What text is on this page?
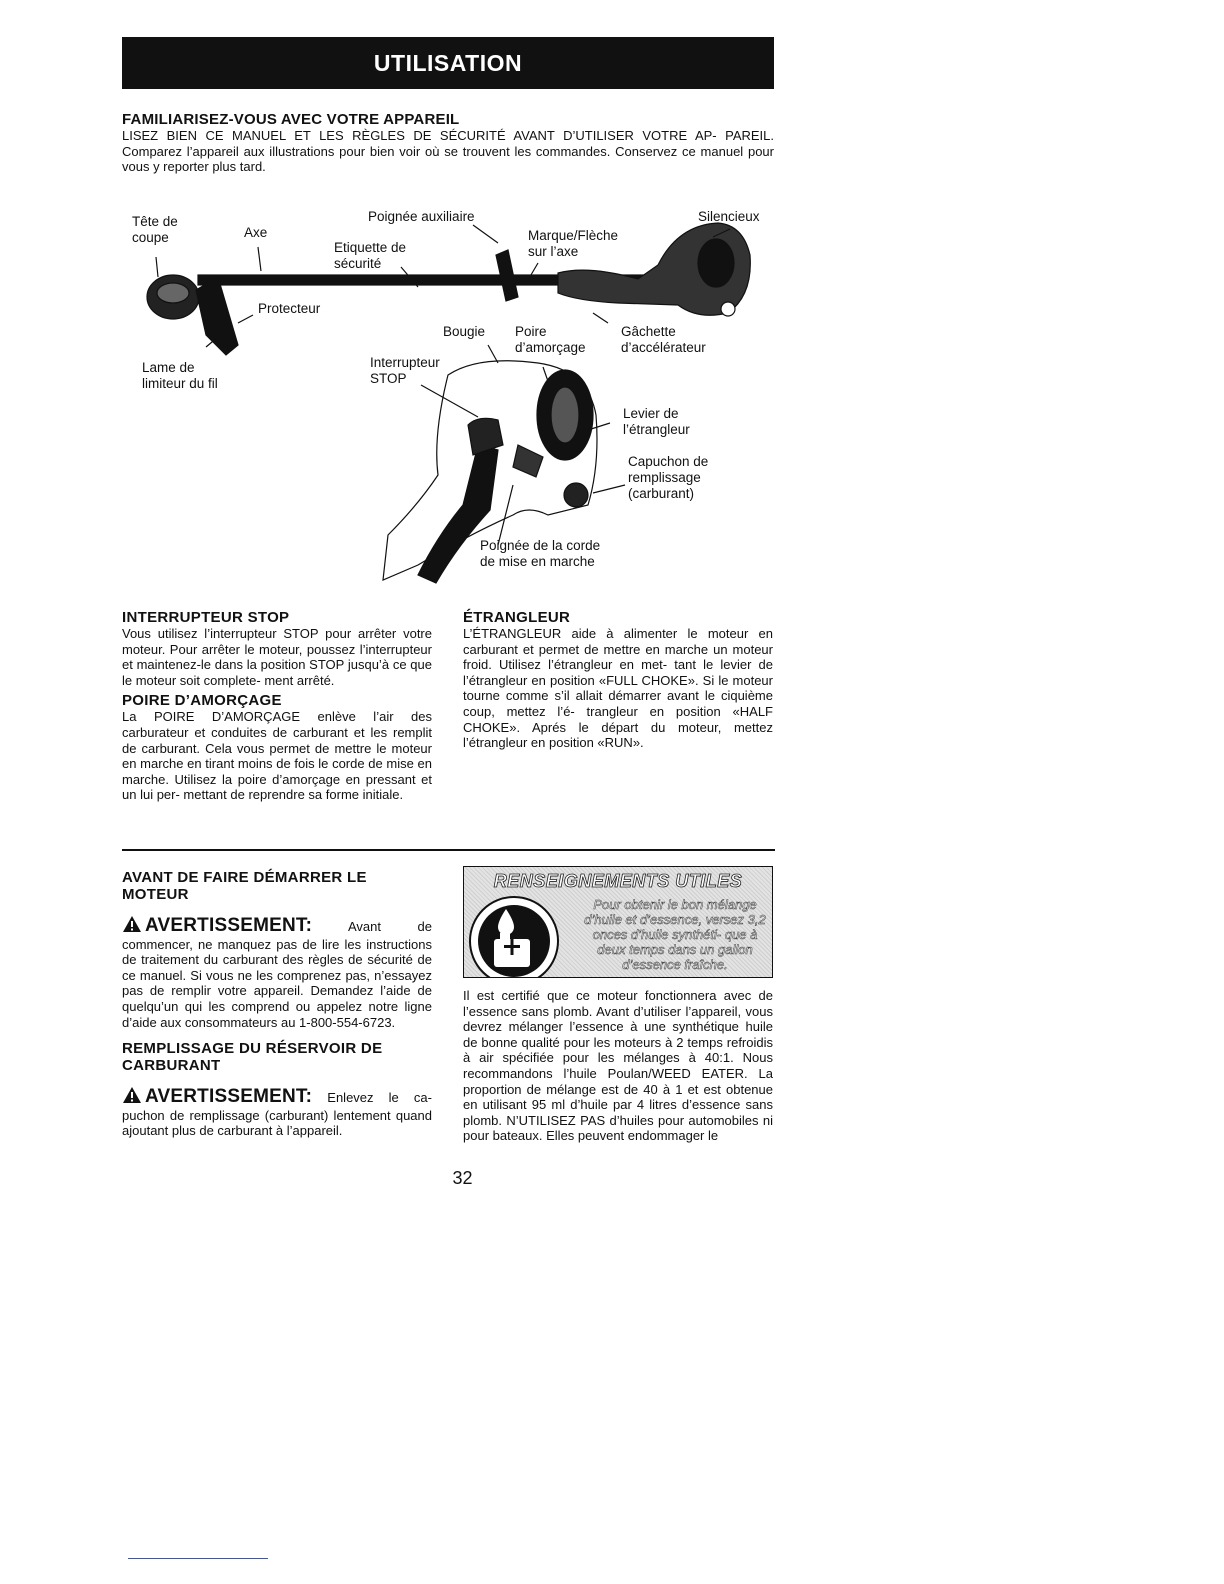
UTILISATION
FAMILIARISEZ-VOUS AVEC VOTRE APPAREIL

LISEZ BIEN CE MANUEL ET LES RÈGLES DE SÉCURITÉ AVANT D’UTILISER VOTRE AP- PAREIL. Comparez l’appareil aux illustrations pour bien voir où se trouvent les commandes. Conservez ce manuel pour vous y reporter plus tard.

Tête de
coupe	Axe
Poignée auxiliaire
Etiquette de
sécurité
Marque/Flèche
sur l’axe
Silencieux
Protecteur
Lame de
limiteur du fil
Bougie Poire
d’amorçage
Gâchette
d’accélérateur
Interrupteur
STOP
Levier de
l’étrangleur
Capuchon de
remplissage
(carburant)
Poignée de la corde
de mise en marche
INTERRUPTEUR STOP

Vous utilisez l’interrupteur STOP pour arrêter votre moteur. Pour arrêter le moteur, poussez l’interrupteur et maintenez-le dans la position STOP jusqu’à ce que le moteur soit complete- ment arrêté.

POIRE D’AMORÇAGE

La POIRE D’AMORÇAGE enlève l’air des carburateur et conduites de carburant et les remplit de carburant. Cela vous permet de mettre le moteur en marche en tirant moins de fois le corde de mise en marche. Utilisez la poire d’amorçage en pressant et un lui per- mettant de reprendre sa forme initiale.

ÉTRANGLEUR

L’ÉTRANGLEUR aide à alimenter le moteur en carburant et permet de mettre en marche un moteur froid. Utilisez l’étrangleur en met- tant le levier de l’étrangleur en position «FULL CHOKE». Si le moteur tourne comme s’il allait démarrer avant le ciquième coup, mettez l’é- trangleur en position «HALF CHOKE». Aprés le départ du moteur, mettez l’étrangleur en position «RUN».

AVANT DE FAIRE DÉMARRER LE MOTEUR
AVERTISSEMENT:	Avant de commencer, ne manquez pas de lire les instructions de traitement du carburant des règles de sécurité de ce manuel. Si vous ne les comprenez pas, n’essayez pas de remplir votre appareil. Demandez l’aide de quelqu’un qui les comprend ou appelez notre ligne d’aide aux consommateurs au 1-800-554-6723.
REMPLISSAGE DU RÉSERVOIR DE CARBURANT
AVERTISSEMENT: Enlevez le ca- puchon de remplissage (carburant) lentement quand ajoutant plus de carburant à l’appareil.
RENSEIGNEMENTS UTILES
Pour obtenir le bon mélange d’huile et d’essence, versez 3,2 onces d’huile synthéti- que à deux temps dans un gallon d’essence fraîche.

Il est certifié que ce moteur fonctionnera avec de l’essence sans plomb. Avant d’utiliser l’appareil, vous devrez mélanger l’essence à une synthétique huile de bonne qualité pour les moteurs à 2 temps refroidis à air spécifiée pour les mélanges à 40:1. Nous recommandons l’huile Poulan/WEED EATER. La proportion de mélange est de 40 à 1 et est obtenue en utilisant 95 ml d’huile par 4 litres d’essence sans plomb. N’UTILISEZ PAS d’huiles pour automobiles ni pour bateaux. Elles peuvent endommager le

32
